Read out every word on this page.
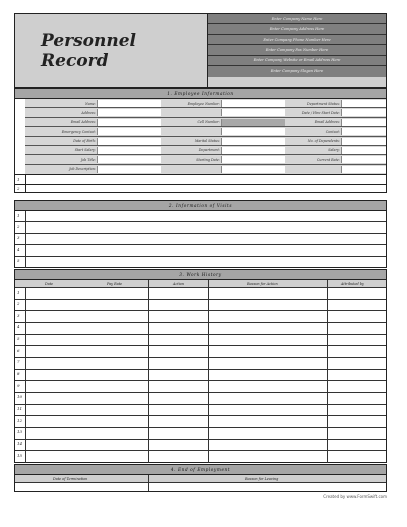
Personnel Record
Enter Company Name Here
Enter Company Address Here
Enter Company Phone Number Here
Enter Company Fax Number Here
Enter Company Website or Email Address Here
Enter Company Slogan Here
1. Employee Information
Name:	Employee Number:	Department Status:
Address:	Date / Hire Start Date:
Email Address:	Cell Number:	Email Address:
Emergency Contact:	Contact:
Date of Birth:	Marital Status:	No. of Dependents:
Start Salary:	Department:	Salary:
Job Title:	Starting Date:	Current Rate:
Job Description:
1
2
2. Information of Visits
1
2
3
4
5
3. Work History
Date	Pay Rate	Action	Reason for Action	Attributed by
1
2
3
4
5
6
7
8
9
10
11
12
13
14
15
4. End of Employment
Date of Termination	Reason for Leaving
Created by www.FormSwift.com
